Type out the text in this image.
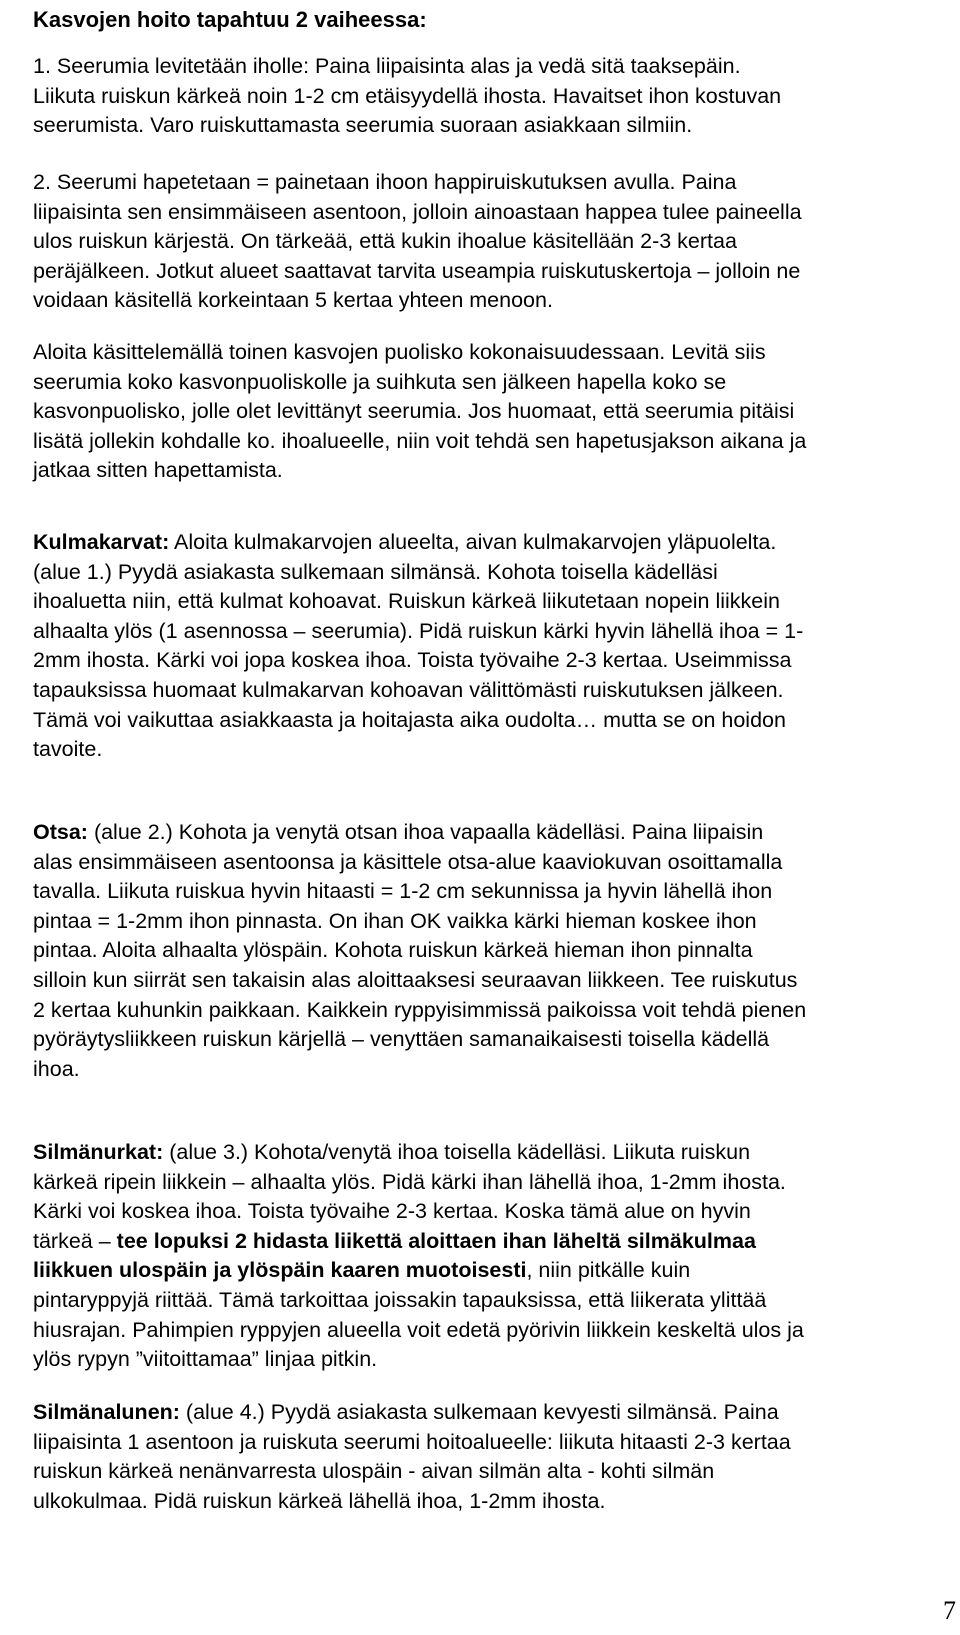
Kasvojen hoito tapahtuu 2 vaiheessa:
1. Seerumia levitetään iholle: Paina liipaisinta alas ja vedä sitä taaksepäin.
Liikuta ruiskun kärkeä noin 1-2 cm etäisyydellä ihosta. Havaitset ihon kostuvan
seerumista. Varo ruiskuttamasta seerumia suoraan asiakkaan silmiin.
2. Seerumi hapetetaan = painetaan ihoon happiruiskutuksen avulla. Paina
liipaisinta sen ensimmäiseen asentoon, jolloin ainoastaan happea tulee paineella
ulos ruiskun kärjestä. On tärkeää, että kukin ihoalue käsitellään 2-3 kertaa
peräjälkeen. Jotkut alueet saattavat tarvita useampia ruiskutuskertoja – jolloin ne
voidaan käsitellä korkeintaan 5 kertaa yhteen menoon.
Aloita käsittelemällä toinen kasvojen puolisko kokonaisuudessaan. Levitä siis
seerumia koko kasvonpuoliskolle ja suihkuta sen jälkeen hapella koko se
kasvonpuolisko, jolle olet levittänyt seerumia. Jos huomaat, että seerumia pitäisi
lisätä jollekin kohdalle ko. ihoalueelle, niin voit tehdä sen hapetusjakson aikana ja
jatkaa sitten hapettamista.
Kulmakarvat: Aloita kulmakarvojen alueelta, aivan kulmakarvojen yläpuolelta.
(alue 1.) Pyydä asiakasta sulkemaan silmänsä. Kohota toisella kädelläsi
ihoaluetta niin, että kulmat kohoavat. Ruiskun kärkeä liikutetaan nopein liikkein
alhaalta ylös (1 asennossa – seerumia). Pidä ruiskun kärki hyvin lähellä ihoa = 1-
2mm ihosta. Kärki voi jopa koskea ihoa. Toista työvaihe 2-3 kertaa. Useimmissa
tapauksissa huomaat kulmakarvan kohoavan välittömästi ruiskutuksen jälkeen.
Tämä voi vaikuttaa asiakkaasta ja hoitajasta aika oudolta… mutta se on hoidon
tavoite.
Otsa: (alue 2.) Kohota ja venytä otsan ihoa vapaalla kädelläsi. Paina liipaisin
alas ensimmäiseen asentoonsa ja käsittele otsa-alue kaaviokuvan osoittamalla
tavalla. Liikuta ruiskua hyvin hitaasti = 1-2 cm sekunnissa ja hyvin lähellä ihon
pintaa = 1-2mm ihon pinnasta. On ihan OK vaikka kärki hieman koskee ihon
pintaa. Aloita alhaalta ylöspäin. Kohota ruiskun kärkeä hieman ihon pinnalta
silloin kun siirrät sen takaisin alas aloittaaksesi seuraavan liikkeen. Tee ruiskutus
2 kertaa kuhunkin paikkaan. Kaikkein ryppyisimmissä paikoissa voit tehdä pienen
pyöräytysliikkeen ruiskun kärjellä – venyttäen samanaikaisesti toisella kädellä
ihoa.
Silmänurkat: (alue 3.) Kohota/venytä ihoa toisella kädelläsi. Liikuta ruiskun
kärkeä ripein liikkein – alhaalta ylös. Pidä kärki ihan lähellä ihoa, 1-2mm ihosta.
Kärki voi koskea ihoa. Toista työvaihe 2-3 kertaa. Koska tämä alue on hyvin
tärkeä – tee lopuksi 2 hidasta liikettä aloittaen ihan läheltä silmäkulmaa
liikkuen ulospäin ja ylöspäin kaaren muotoisesti, niin pitkälle kuin
pintaryppyjä riittää. Tämä tarkoittaa joissakin tapauksissa, että liikerata ylittää
hiusrajan. Pahimpien ryppyjen alueella voit edetä pyörivin liikkein keskeltä ulos ja
ylös rypyn ”viitoittamaa” linjaa pitkin.
Silmänalunen: (alue 4.) Pyydä asiakasta sulkemaan kevyesti silmänsä. Paina
liipaisinta 1 asentoon ja ruiskuta seerumi hoitoalueelle: liikuta hitaasti 2-3 kertaa
ruiskun kärkeä nenänvarresta ulospäin - aivan silmän alta - kohti silmän
ulkokulmaa. Pidä ruiskun kärkeä lähellä ihoa, 1-2mm ihosta.
7
